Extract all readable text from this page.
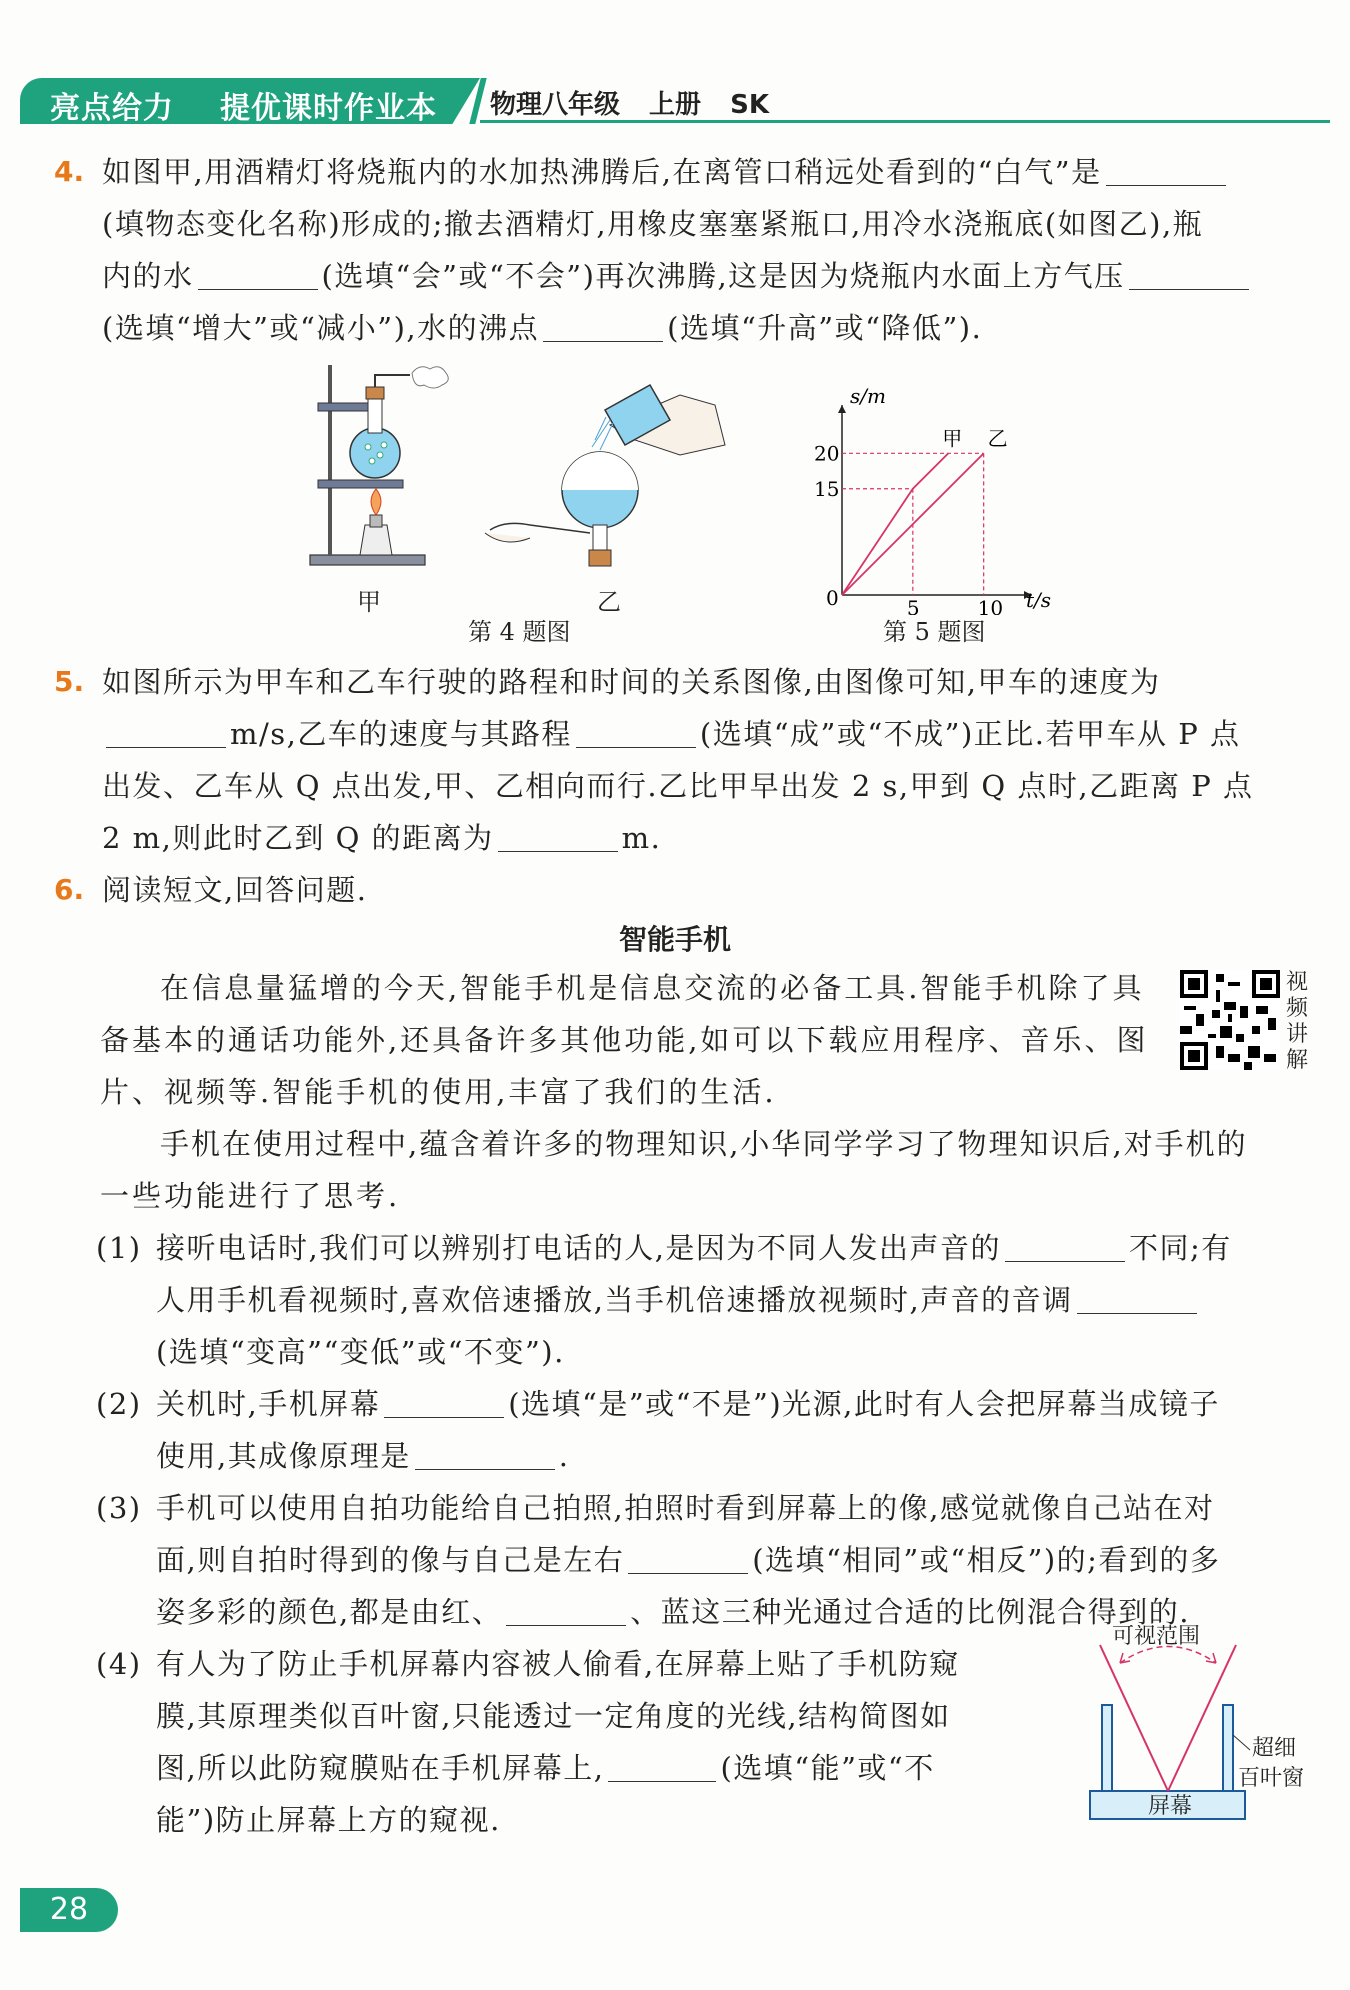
亮点给力 提优课时作业本 物理八年级 上册 SK
4. 如图甲,用酒精灯将烧瓶内的水加热沸腾后,在离管口稍远处看到的“白气”是
(填物态变化名称)形成的;撤去酒精灯,用橡皮塞塞紧瓶口,用冷水浇瓶底(如图乙),瓶
内的水	(选填“会”或“不会”)再次沸腾,这是因为烧瓶内水面上方气压
(选填“增大”或“减小”),水的沸点	(选填“升高”或“降低”).
甲	乙
第 4 题图
s/m
t/s
0	5	10
15
20
甲 乙
第 5 题图
5. 如图所示为甲车和乙车行驶的路程和时间的关系图像,由图像可知,甲车的速度为
m/s,乙车的速度与其路程	(选填“成”或“不成”)正比.若甲车从 P 点
出发、乙车从 Q 点出发,甲、乙相向而行.乙比甲早出发 2 s,甲到 Q 点时,乙距离 P 点
2 m,则此时乙到 Q 的距离为	m.
6. 阅读短文,回答问题.
智能手机
在信息量猛增的今天,智能手机是信息交流的必备工具.智能手机除了具
备基本的通话功能外,还具备许多其他功能,如可以下载应用程序、音乐、图
片、视频等.智能手机的使用,丰富了我们的生活.
手机在使用过程中,蕴含着许多的物理知识,小华同学学习了物理知识后,对手机的
一些功能进行了思考.
视频讲解
(1) 接听电话时,我们可以辨别打电话的人,是因为不同人发出声音的	不同;有
人用手机看视频时,喜欢倍速播放,当手机倍速播放视频时,声音的音调
(选填“变高”“变低”或“不变”).
(2) 关机时,手机屏幕	(选填“是”或“不是”)光源,此时有人会把屏幕当成镜子
使用,其成像原理是	.
(3) 手机可以使用自拍功能给自己拍照,拍照时看到屏幕上的像,感觉就像自己站在对
面,则自拍时得到的像与自己是左右	(选填“相同”或“相反”)的;看到的多
姿多彩的颜色,都是由红、	、蓝这三种光通过合适的比例混合得到的.
(4) 有人为了防止手机屏幕内容被人偷看,在屏幕上贴了手机防窥
膜,其原理类似百叶窗,只能透过一定角度的光线,结构简图如
图,所以此防窥膜贴在手机屏幕上,	(选填“能”或“不
能”)防止屏幕上方的窥视.	屏幕
可视范围
超细
百叶窗
28
